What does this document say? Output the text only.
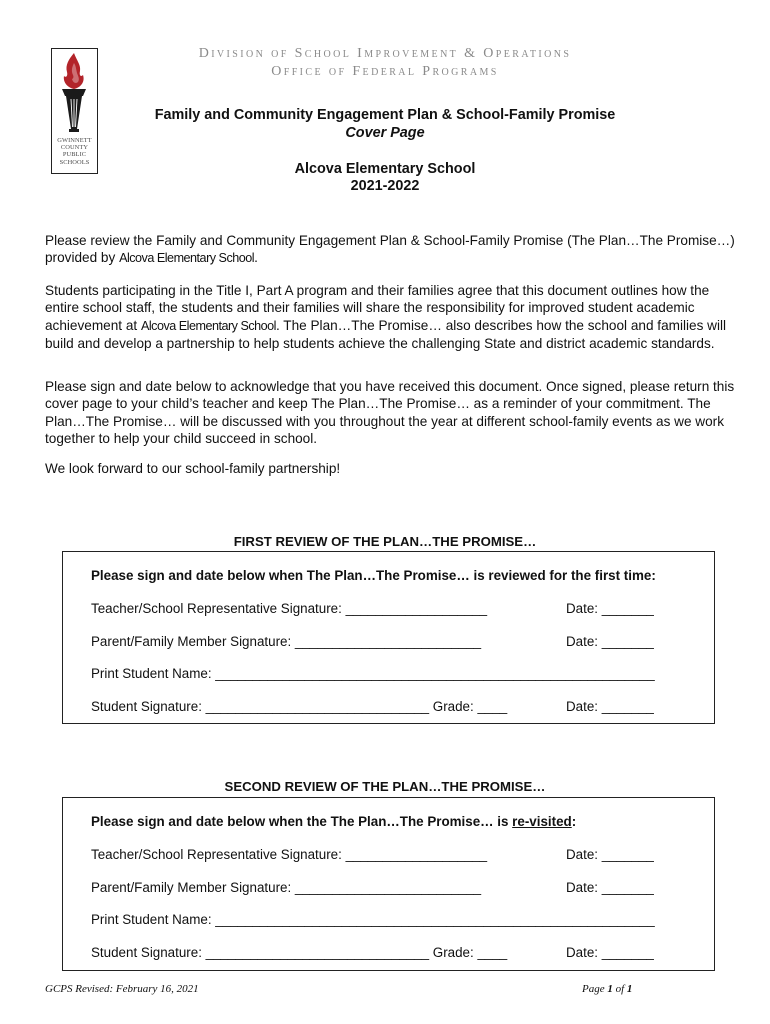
GWINNETT
COUNTY
PUBLIC
SCHOOLS
Division of School Improvement & Operations
Office of Federal Programs
Family and Community Engagement Plan & School-Family Promise
Cover Page
Alcova Elementary School
2021-2022
Please review the Family and Community Engagement Plan & School-Family Promise (The Plan…The Promise…) provided by Alcova Elementary School.
Students participating in the Title I, Part A program and their families agree that this document outlines how the entire school staff, the students and their families will share the responsibility for improved student academic achievement at Alcova Elementary School. The Plan…The Promise… also describes how the school and families will build and develop a partnership to help students achieve the challenging State and district academic standards.
Please sign and date below to acknowledge that you have received this document. Once signed, please return this cover page to your child’s teacher and keep The Plan…The Promise… as a reminder of your commitment. The Plan…The Promise… will be discussed with you throughout the year at different school-family events as we work together to help your child succeed in school.
We look forward to our school-family partnership!
FIRST REVIEW OF THE PLAN…THE PROMISE…
Please sign and date below when The Plan…The Promise… is reviewed for the first time:
Teacher/School Representative Signature: ___________________	Date: _______
Parent/Family Member Signature: _________________________	Date: _______
Print Student Name: ___________________________________________________________
Student Signature: ______________________________ Grade: ____	Date: _______
SECOND REVIEW OF THE PLAN…THE PROMISE…
Please sign and date below when the The Plan…The Promise… is re-visited:
Teacher/School Representative Signature: ___________________	Date: _______
Parent/Family Member Signature: _________________________	Date: _______
Print Student Name: ___________________________________________________________
Student Signature: ______________________________ Grade: ____	Date: _______
GCPS Revised: February 16, 2021	Page 1 of 1
